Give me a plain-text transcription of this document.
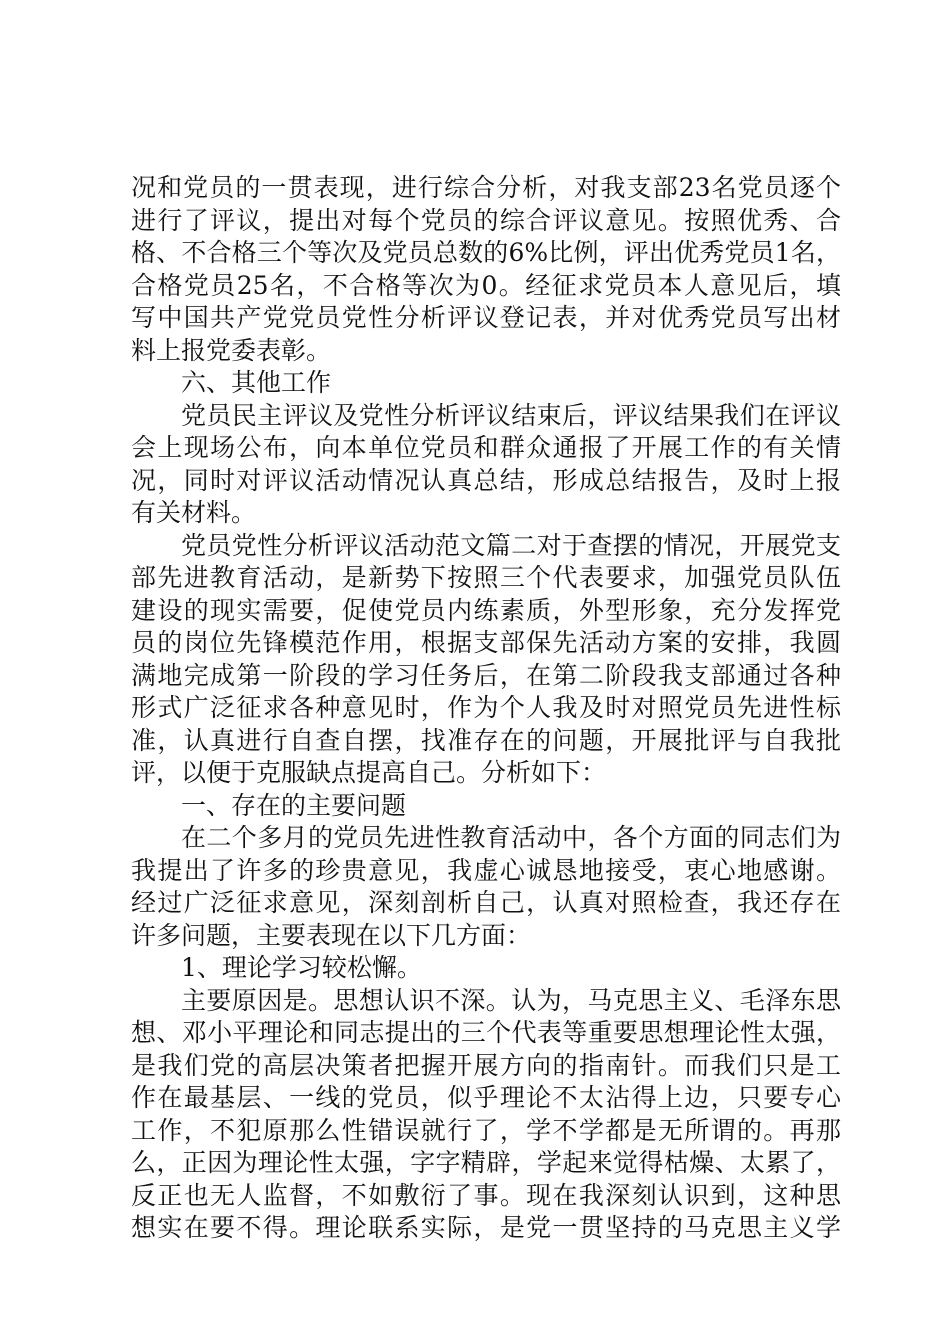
况和党员的一贯表现，进行综合分析，对我支部23名党员逐个
进行了评议，提出对每个党员的综合评议意见。按照优秀、合
格、不合格三个等次及党员总数的6%比例，评出优秀党员1名，
合格党员25名，不合格等次为0。经征求党员本人意见后，填
写中国共产党党员党性分析评议登记表，并对优秀党员写出材
料上报党委表彰。
六、其他工作
党员民主评议及党性分析评议结束后，评议结果我们在评议
会上现场公布，向本单位党员和群众通报了开展工作的有关情
况，同时对评议活动情况认真总结，形成总结报告，及时上报
有关材料。
党员党性分析评议活动范文篇二对于查摆的情况，开展党支
部先进教育活动，是新势下按照三个代表要求，加强党员队伍
建设的现实需要，促使党员内练素质，外型形象，充分发挥党
员的岗位先锋模范作用，根据支部保先活动方案的安排，我圆
满地完成第一阶段的学习任务后，在第二阶段我支部通过各种
形式广泛征求各种意见时，作为个人我及时对照党员先进性标
准，认真进行自查自摆，找准存在的问题，开展批评与自我批
评，以便于克服缺点提高自己。分析如下：
一、存在的主要问题
在二个多月的党员先进性教育活动中，各个方面的同志们为
我提出了许多的珍贵意见，我虚心诚恳地接受，衷心地感谢。
经过广泛征求意见，深刻剖析自己，认真对照检查，我还存在
许多问题，主要表现在以下几方面：
1、理论学习较松懈。
主要原因是。思想认识不深。认为，马克思主义、毛泽东思
想、邓小平理论和同志提出的三个代表等重要思想理论性太强，
是我们党的高层决策者把握开展方向的指南针。而我们只是工
作在最基层、一线的党员，似乎理论不太沾得上边，只要专心
工作，不犯原那么性错误就行了，学不学都是无所谓的。再那
么，正因为理论性太强，字字精辟，学起来觉得枯燥、太累了，
反正也无人监督，不如敷衍了事。现在我深刻认识到，这种思
想实在要不得。理论联系实际，是党一贯坚持的马克思主义学
